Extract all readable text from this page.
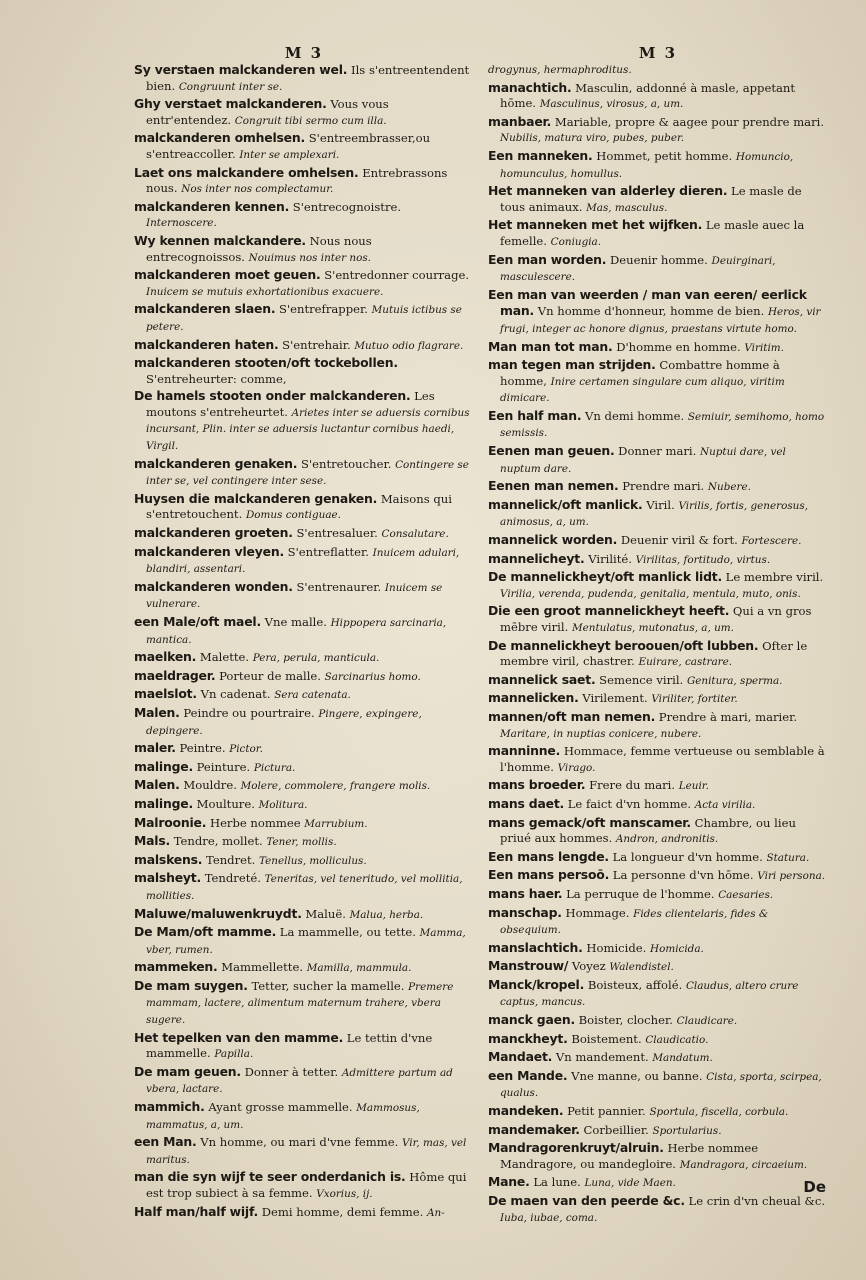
M 3
Sy verstaen malckanderen wel. Ils s'entreentendent bien. Congruunt inter se.
Ghy verstaet malckanderen. Vous vous entr'entendez. Congruit tibi sermo cum illa.
malckanderen omhelsen. S'entreembrasser,ou s'entreaccoller. Inter se amplexari.
Laet ons malckandere omhelsen. Entrebrassons nous. Nos inter nos complectamur.
malckanderen kennen. S'entrecognoistre. Internoscere.
Wy kennen malckandere. Nous nous entrecognoissos. Nouimus nos inter nos.
malckanderen moet geuen. S'entredonner courrage. Inuicem se mutuis exhortationibus exacuere.
malckanderen slaen. S'entrefrapper. Mutuis ictibus se petere.
malckanderen haten. S'entrehair. Mutuo odio flagrare.
malckanderen stooten/oft tockebollen. S'entreheurter: comme,
De hamels stooten onder malckanderen. Les moutons s'entreheurtet. Arietes inter se aduersis cornibus incursant, Plin. inter se aduersis luctantur cornibus haedi, Virgil.
malckanderen genaken. S'entretoucher. Contingere se inter se, vel contingere inter sese.
Huysen die malckanderen genaken. Maisons qui s'entretouchent. Domus contiguae.
malckanderen groeten. S'entresaluer. Consalutare.
malckanderen vleyen. S'entreflatter. Inuicem adulari, blandiri, assentari.
malckanderen wonden. S'entrenaurer. Inuicem se vulnerare.
een Male/oft mael. Vne malle. Hippopera sarcinaria, mantica.
maelken. Malette. Pera, perula, manticula.
maeldrager. Porteur de malle. Sarcinarius homo.
maelslot. Vn cadenat. Sera catenata.
Malen. Peindre ou pourtraire. Pingere, expingere, depingere.
maler. Peintre. Pictor.
malinge. Peinture. Pictura.
Malen. Mouldre. Molere, commolere, frangere molis.
malinge. Moulture. Molitura.
Malroonie. Herbe nommee Marrubium.
Mals. Tendre, mollet. Tener, mollis.
malskens. Tendret. Tenellus, molliculus.
malsheyt. Tendreté. Teneritas, vel teneritudo, vel mollitia, mollities.
Maluwe/maluwenkruydt. Maluë. Malua, herba.
De Mam/oft mamme. La mammelle, ou tette. Mamma, vber, rumen.
mammeken. Mammellette. Mamilla, mammula.
De mam suygen. Tetter, sucher la mamelle. Premere mammam, lactere, alimentum maternum trahere, vbera sugere.
Het tepelken van den mamme. Le tettin d'vne mammelle. Papilla.
De mam geuen. Donner à tetter. Admittere partum ad vbera, lactare.
mammich. Ayant grosse mammelle. Mammosus, mammatus, a, um.
een Man. Vn homme, ou mari d'vne femme. Vir, mas, vel maritus.
man die syn wijf te seer onderdanich is. Hôme qui est trop subiect à sa femme. Vxorius, ij.
Half man/half wijf. Demi homme, demi femme. An-
M 3
drogynus, hermaphroditus.
manachtich. Masculin, addonné à masle, appetant hōme. Masculinus, virosus, a, um.
manbaer. Mariable, propre & aagee pour prendre mari. Nubilis, matura viro, pubes, puber.
Een manneken. Hommet, petit homme. Homuncio, homunculus, homullus.
Het manneken van alderley dieren. Le masle de tous animaux. Mas, masculus.
Het manneken met het wijfken. Le masle auec la femelle. Coniugia.
Een man worden. Deuenir homme. Deuirginari, masculescere.
Een man van weerden / man van eeren/ eerlick man. Vn homme d'honneur, homme de bien. Heros, vir frugi, integer ac honore dignus, praestans virtute homo.
Man man tot man. D'homme en homme. Viritim.
man tegen man strijden. Combattre homme à homme, Inire certamen singulare cum aliquo, viritim dimicare.
Een half man. Vn demi homme. Semiuir, semihomo, homo semissis.
Eenen man geuen. Donner mari. Nuptui dare, vel nuptum dare.
Eenen man nemen. Prendre mari. Nubere.
mannelick/oft manlick. Viril. Virilis, fortis, generosus, animosus, a, um.
mannelick worden. Deuenir viril & fort. Fortescere.
mannelicheyt. Virilité. Virilitas, fortitudo, virtus.
De mannelickheyt/oft manlick lidt. Le membre viril. Virilia, verenda, pudenda, genitalia, mentula, muto, onis.
Die een groot mannelickheyt heeft. Qui a vn gros mēbre viril. Mentulatus, mutonatus, a, um.
De mannelickheyt beroouen/oft lubben. Ofter le membre viril, chastrer. Euirare, castrare.
mannelick saet. Semence viril. Genitura, sperma.
mannelicken. Virilement. Viriliter, fortiter.
mannen/oft man nemen. Prendre à mari, marier. Maritare, in nuptias conicere, nubere.
manninne. Hommace, femme vertueuse ou semblable à l'homme. Virago.
mans broeder. Frere du mari. Leuir.
mans daet. Le faict d'vn homme. Acta virilia.
mans gemack/oft manscamer. Chambre, ou lieu priué aux hommes. Andron, andronitis.
Een mans lengde. La longueur d'vn homme. Statura.
Een mans persoō. La personne d'vn hōme. Viri persona.
mans haer. La perruque de l'homme. Caesaries.
manschap. Hommage. Fides clientelaris, fides & obsequium.
manslachtich. Homicide. Homicida.
Manstrouw/ Voyez Walendistel.
Manck/kropel. Boisteux, affolé. Claudus, altero crure captus, mancus.
manck gaen. Boister, clocher. Claudicare.
manckheyt. Boistement. Claudicatio.
Mandaet. Vn mandement. Mandatum.
een Mande. Vne manne, ou banne. Cista, sporta, scirpea, qualus.
mandeken. Petit pannier. Sportula, fiscella, corbula.
mandemaker. Corbeillier. Sportularius.
Mandragorenkruyt/alruin. Herbe nommee Mandragore, ou mandegloire. Mandragora, circaeium.
Mane. La lune. Luna, vide Maen.
De maen van den peerde &c. Le crin d'vn cheual &c. Iuba, iubae, coma.
De
